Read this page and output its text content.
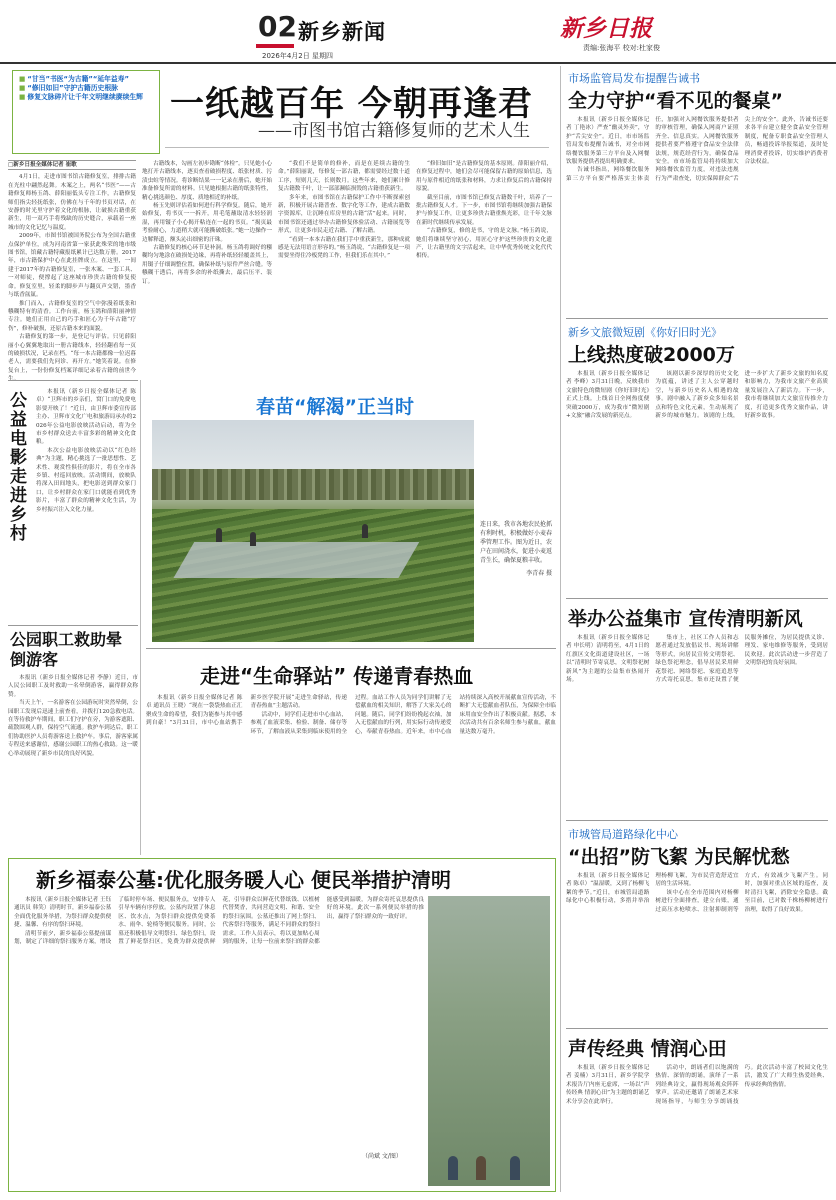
02 新乡新闻
2026年4月2日 星期四
新乡日报
责编:张海平 校对:杜家俊
■ “甘当”书医“为古籍”“延年益寿”
■ “修旧如旧”守护古籍历史根脉
■ 修复文脉碎片让千年文明继续赓续生辉 一纸越百年 今朝再逢君
——市图书馆古籍修复师的艺术人生
□新乡日报全媒体记者 崔歌

4月1日，走进市图书馆古籍修复室，排排古籍在光柱中翩然起舞。木案之上，两名“书医”——古籍修复师杨玉鸽、薛阳丽低头专注工作，古籍修复师们指尖轻抚纸张，仿佛在与千年的书页对话，在安静的时光里守护着文化的根脉，让破损古籍重获新生，用一双巧手将残缺的历史缝合，承载着一座城市的文化记忆与温度。

2009年，市图书馆被国务院公布为全国古籍重点保护单位，成为河南省第一家获此殊荣的地市级图书馆，馆藏古籍特藏报纸累计已达数万册。2017年，市古籍保护中心在此挂牌成立。在这里，一间建于2017年的古籍修复室，一张木案、一套工具、一对师徒，便撑起了这座城市珍贵古籍的修复使命。修复室里，轻柔的脚步声与翻页声交错，墨香与纸香氤氲。

推门而入，古籍修复室的空气中弥漫着纸张和糨糊特有的清香。工作台前，杨玉鸽和薛阳丽神情专注。她们正用自己的巧手和匠心为千年古籍“疗伤”，修补破损，还原古籍本来的面貌。

古籍修复的第一步，是登记与评估。只见薛阳丽小心翼翼地取出一册古籍线本，轻轻翻看每一页的破损状况，记录在档。“每一本古籍都像一位迟暮老人，需要我们先问诊、再开方。”她笑着说。在修复台上，一份份修复档案详细记录着古籍的前世今

古籍线本，勾画左初步勘断“体检”。只见她小心地打开古籍线本，逐页查看破损程度、纸张材质、污渍虫蛀等情况。将诊断结果一一记录在册后，她开始准备修复所需的材料。只见她根据古籍的纸张特性，精心挑选颜色、厚度、质地相近的补纸。

杨玉先则评估着如何进行科学修复。随后，她开始修复，将书页一一拆开，用毛笔蘸取清水轻轻润湿，再用镊子小心揭开粘连在一起的书页。“揭页最考验耐心，力道稍大就可能撕破纸张。”她一边操作一边解释道，额头沁出细密的汗珠。

古籍修复的核心环节是补洞。杨玉鸽将调好的糨糊均匀地涂在破损处边缘，再将补纸轻轻覆盖其上，用镊子仔细调整位置，确保补纸与原件严丝合缝。等糨糊干透后，再将多余的补纸撕去，最后压平、装订。

“我们不是简单的修补，而是在延续古籍的生命。”薛阳丽说，每修复一部古籍，都需要经过数十道工序，短则几天，长则数月。这些年来，她们累计修复古籍数千叶，让一部部濒临损毁的古籍重获新生。

多年来，市图书馆在古籍保护工作中不断探索创新，积极开展古籍普查、数字化等工作，建成古籍数字资源库，让沉睡在库房里的古籍“活”起来。同时，市图书馆还通过举办古籍修复体验活动、古籍展览等形式，让更多市民走近古籍、了解古籍。

“看到一本本古籍在我们手中重获新生，那种成就感是无法用语言形容的。”杨玉鸽说，“古籍修复是一项需要坐得住冷板凳的工作，但我们乐在其中。”

“修旧如旧”是古籍修复的基本原则。薛阳丽介绍，在修复过程中，她们会尽可能保留古籍的原始信息，选用与原件相近的纸张和材料，力求让修复后的古籍保持原貌。

截至目前，市图书馆已修复古籍数千叶，培养了一批古籍修复人才。下一步，市图书馆将继续加强古籍保护与修复工作，让更多珍贵古籍重焕光彩，让千年文脉在新时代继续传承发展。

“古籍修复，修的是书，守的是文脉。”杨玉鸽说，她们将继续坚守初心，用匠心守护这些珍贵的文化遗产，让古籍里的文字活起来，让中华优秀传统文化代代相传。

公益电影走进乡村

本报讯（新乡日报全媒体记者 陈卓）“卫辉市的乡亲们，窝门口的免费电影要开映了！”近日，由卫辉市委宣传部主办、卫辉市文化广电和旅游局承办的2026年公益电影放映活动启动，将为全市乡村群众送去丰富多彩的精神文化食粮。

本次公益电影放映活动以“红色经典”为主题，精心挑选了一批思想性、艺术性、观赏性俱佳的影片，将在全市各乡镇、村巡回放映。活动期间，放映队将深入田间地头，把电影送到群众家门口，让乡村群众在家门口就能看到优秀影片，丰富了群众的精神文化生活，为乡村振兴注入文化力量。

公园职工救助晕倒游客

本报讯（新乡日报全媒体记者 李静）近日，市人民公园职工及时救助一名晕倒游客，赢得群众称赞。

当天上午，一名游客在公园游玩时突然晕倒，公园职工发现后迅速上前查看，并拨打120急救电话。在等待救护车期间，职工们守护在旁，为游客遮阳、疏散围观人群，保持空气流通。救护车到达后，职工们协助医护人员将游客送上救护车。事后，游客家属专程送来感谢信，感谢公园职工的热心救助。这一暖心举动展现了新乡市民的良好风貌。

春苗“解渴”正当时
连日来，我市各地农民抢抓有利时机，积极做好小麦春季管理工作。图为近日，农户在田间浇水，促进小麦返青生长，确保夏粮丰收。
李青春 摄
走进“生命驿站” 传递青春热血

本报讯（新乡日报全媒体记者 陈卓 通讯员 王晓）“现在一袋袋热血正汇聚成生命的希望，我们为能参与其中感到自豪！”3月31日，市中心血站携手新乡医学院开展“走进生命驿站，传递青春热血”主题活动。

活动中，同学们走进市中心血站，参观了血液采集、检验、制备、储存等环节，了解血液从采集到临床使用的全过程。血站工作人员为同学们讲解了无偿献血的相关知识，解答了大家关心的问题。随后，同学们纷纷挽起衣袖，加入无偿献血的行列，用实际行动传递爱心，奉献青春热血。近年来，市中心血站持续深入高校开展献血宣传活动，不断扩大无偿献血者队伍，为保障全市临床用血安全作出了积极贡献。据悉，本次活动共有百余名师生参与献血，献血量达数万毫升。

市场监管局发布提醒告诫书
全力守护“看不见的餐桌”

本报讯（新乡日报全媒体记者 丁艳冰）严查“幽灵外卖”，守护“舌尖安全”。近日，市市场监管局发布提醒告诫书，对全市网络餐饮服务第三方平台及入网餐饮服务提供者提出明确要求。

告诫书指出，网络餐饮服务第三方平台要严格落实主体责任，加强对入网餐饮服务提供者的审核管理，确保入网商户证照齐全、信息真实。入网餐饮服务提供者要严格遵守食品安全法律法规，规范经营行为，确保食品安全。市市场监管局将持续加大网络餐饮监管力度，对违法违规行为严肃查处，切实保障群众“舌尖上的安全”。此外，告诫书还要求各平台建立健全食品安全管理制度，配备专职食品安全管理人员，畅通投诉举报渠道，及时处理消费者投诉，切实维护消费者合法权益。

新乡文旅微短剧《你好旧时光》
上线热度破2000万

本报讯（新乡日报全媒体记者 李峰）3月31日晚，反映我市文旅特色的微短剧《你好旧时光》正式上线。上线首日全网热度便突破2000万，成为我市“微短剧+文旅”融合发展的新亮点。

该剧以新乡深厚的历史文化为底蕴，讲述了主人公穿越时空，与新乡历史名人相遇的故事。剧中融入了新乡众多知名景点和特色文化元素，生动展现了新乡的城市魅力。该剧的上线，进一步扩大了新乡文旅的知名度和影响力，为我市文旅产业高质量发展注入了新活力。下一步，我市将继续加大文旅宣传推介力度，打造更多优秀文旅作品，讲好新乡故事。

举办公益集市 宣传清明新风

本报讯（新乡日报全媒体记者 申长明）清明将至，4月1日的红旗区文化街道建设社区，一场以“清明时节寄哀思，文明祭祀树新风”为主题的公益集市热闹开场。

集市上，社区工作人员和志愿者通过发放倡议书、现场讲解等形式，向居民宣传文明祭祀、绿色祭祀理念，倡导居民采用鲜花祭祀、网络祭祀、家庭追思等方式寄托哀思。集市还设置了便民服务摊位，为居民提供义诊、理发、家电维修等服务，受到居民欢迎。此次活动进一步营造了文明祭祀的良好氛围。

市城管局道路绿化中心
“出招”防飞絮 为民解忧愁

本报讯（新乡日报全媒体记者 陈卓）“温湿暖，又到了杨柳飞絮的季节。”近日，市城管局道路绿化中心积极行动，多措并举治理杨柳飞絮，为市民营造舒适宜居的生活环境。

该中心在全市范围内对杨柳树进行全面排查，建立台账，通过高压水枪喷水、注射抑制剂等方式，有效减少飞絮产生。同时，加强对重点区域的巡查，及时清扫飞絮，消除安全隐患。截至目前，已对数千株杨柳树进行治理，取得了良好效果。

声传经典 情润心田

本报讯（新乡日报全媒体记者 姜楠）3月31日，新乡学院学术报告厅内座无虚席，一场以“声传经典 情润心田”为主题的朗诵艺术分享会在此举行。

活动中，朗诵者们以饱满的热情、深情的朗诵，演绎了一系列经典诗文，赢得现场观众阵阵掌声。活动还邀请了朗诵艺术家现场指导，与师生分享朗诵技巧。此次活动丰富了校园文化生活，激发了广大师生热爱经典、传承经典的热情。

新乡福泰公墓:优化服务暖人心 便民举措护清明

本报讯（新乡日报全媒体记者 王钰 通讯员 韩笑）清明时节，新乡福泰公墓全面优化服务举措，为祭扫群众提供便捷、温馨、有序的祭扫环境。

清明节前夕，新乡福泰公墓提前谋划，制定了详细的祭扫服务方案，增设了临时停车场、便民服务点，安排专人引导车辆有序停放。公墓内设置了休息区、饮水点，为祭扫群众提供免费茶水、雨伞、轮椅等便民服务。同时，公墓还积极倡导文明祭扫、绿色祭扫，设置了鲜花祭扫区，免费为群众提供鲜花，引导群众以鲜花代替纸钱、以植树代替焚香，共同营造文明、和谐、安全的祭扫氛围。公墓还推出了网上祭扫、代客祭扫等服务，满足不同群众的祭扫需求。工作人员表示，将以更加贴心周到的服务，让每一位前来祭扫的群众都能感受到温暖，为群众寄托哀思提供良好的环境。此次一系列便民举措的推出，赢得了祭扫群众的一致好评。

（尚斌 文/图）
